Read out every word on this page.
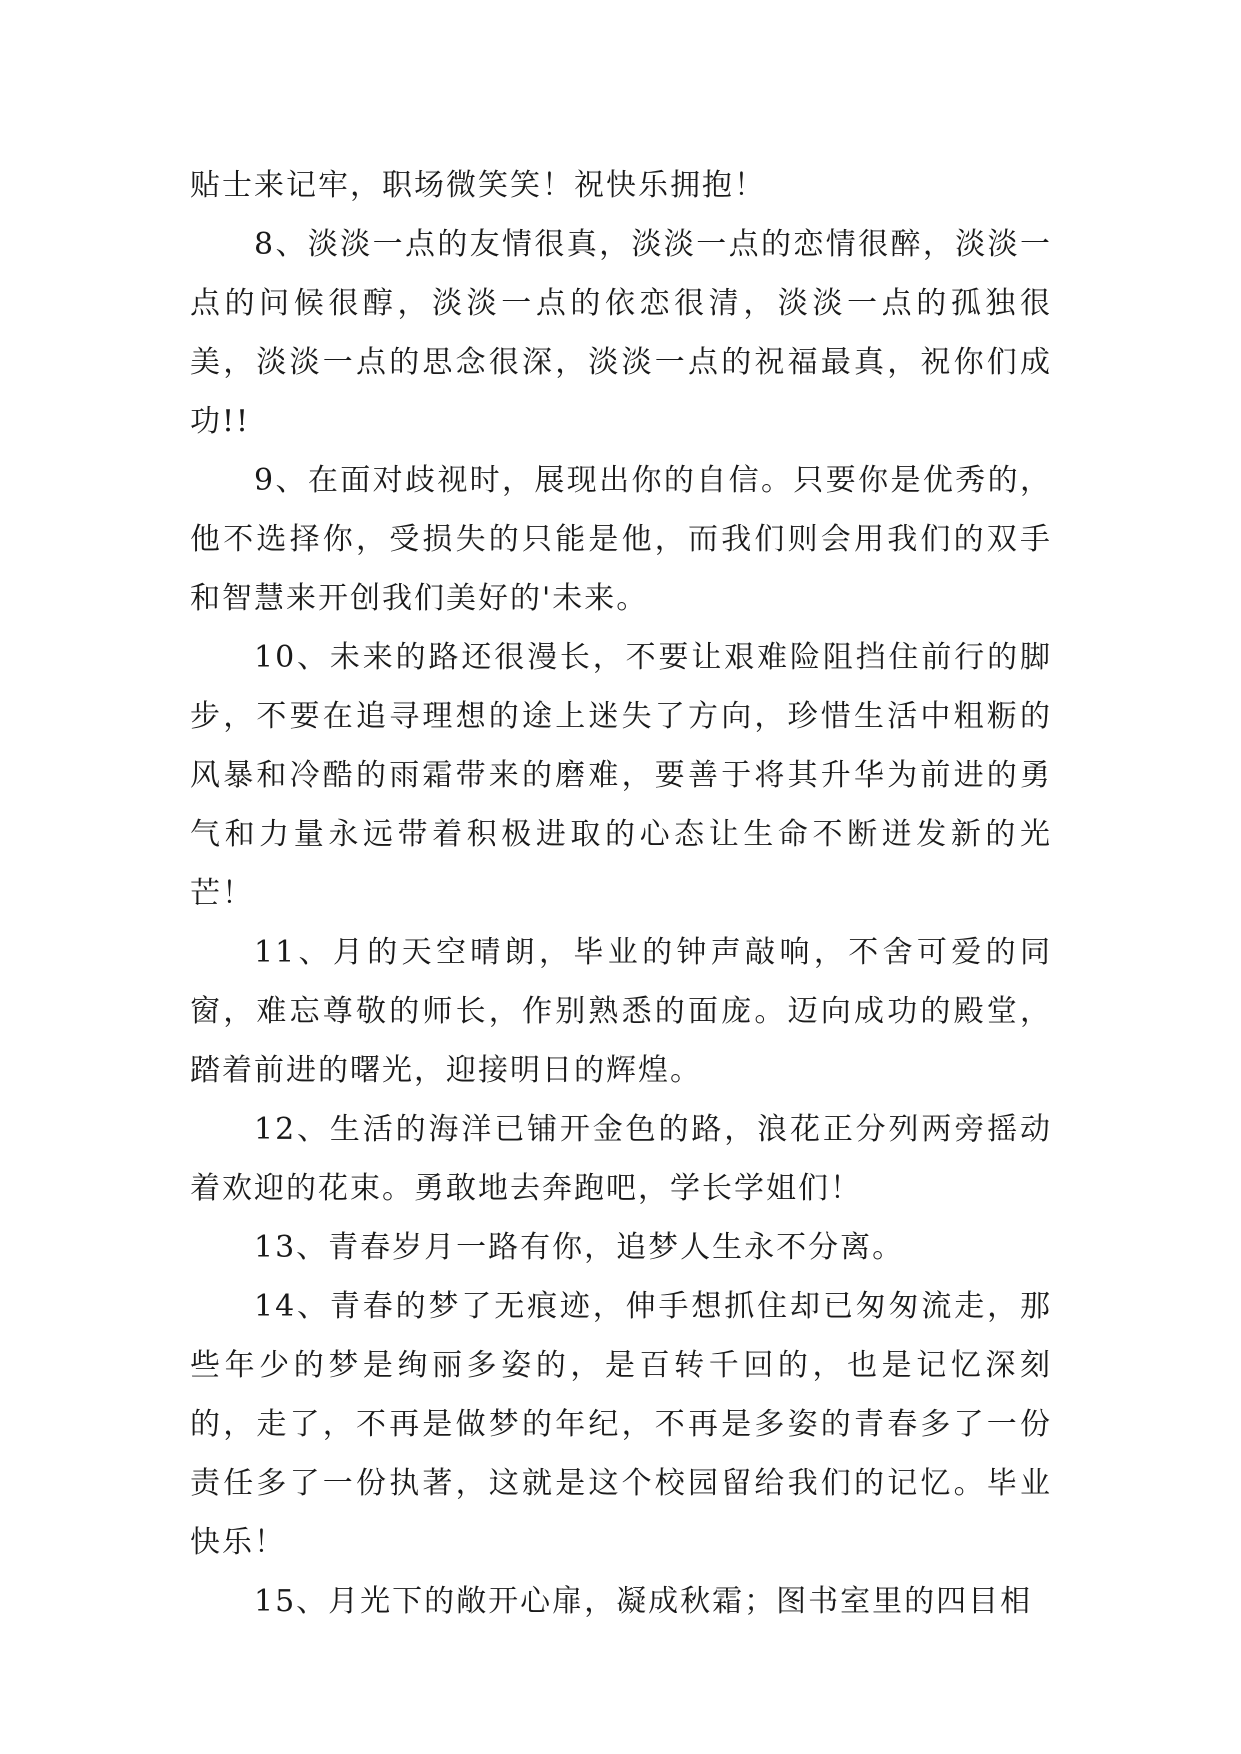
贴士来记牢，职场微笑笑！祝快乐拥抱！

8、淡淡一点的友情很真，淡淡一点的恋情很醉，淡淡一点的问候很醇，淡淡一点的依恋很清，淡淡一点的孤独很美，淡淡一点的思念很深，淡淡一点的祝福最真，祝你们成功!!

9、在面对歧视时，展现出你的自信。只要你是优秀的，他不选择你，受损失的只能是他，而我们则会用我们的双手和智慧来开创我们美好的'未来。

10、未来的路还很漫长，不要让艰难险阻挡住前行的脚步，不要在追寻理想的途上迷失了方向，珍惜生活中粗粝的风暴和冷酷的雨霜带来的磨难，要善于将其升华为前进的勇气和力量永远带着积极进取的心态让生命不断迸发新的光芒！

11、月的天空晴朗，毕业的钟声敲响，不舍可爱的同窗，难忘尊敬的师长，作别熟悉的面庞。迈向成功的殿堂，踏着前进的曙光，迎接明日的辉煌。

12、生活的海洋已铺开金色的路，浪花正分列两旁摇动着欢迎的花束。勇敢地去奔跑吧，学长学姐们！

13、青春岁月一路有你，追梦人生永不分离。

14、青春的梦了无痕迹，伸手想抓住却已匆匆流走，那些年少的梦是绚丽多姿的，是百转千回的，也是记忆深刻的，走了，不再是做梦的年纪，不再是多姿的青春多了一份责任多了一份执著，这就是这个校园留给我们的记忆。毕业快乐！

15、月光下的敞开心扉，凝成秋霜；图书室里的四目相
